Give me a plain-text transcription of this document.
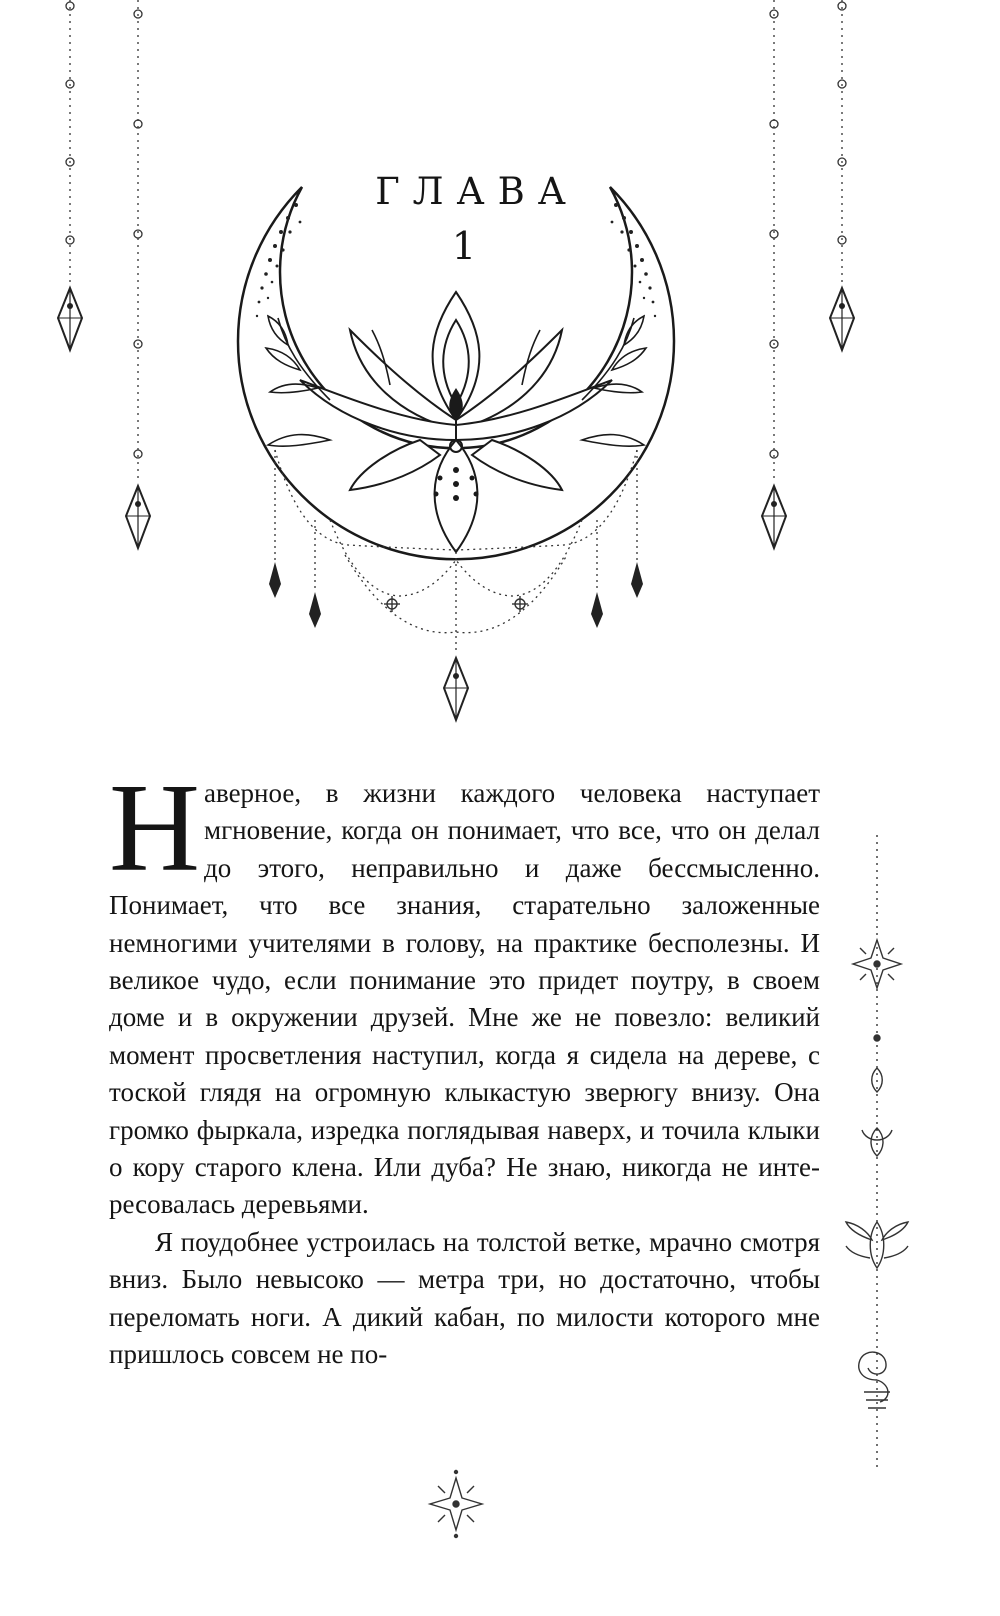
ГЛАВА
1

Наверное, в жизни каждого человека наступает мгновение, когда он понимает, что все, что он делал до этого, неправильно и даже бессмысленно. Понимает, что все знания, старательно заложенные немногими учителями в голову, на практике бесполезны. И великое чудо, если понимание это придет поутру, в своем доме и в окружении друзей. Мне же не повезло: великий момент просветления наступил, когда я сидела на дереве, с тоской глядя на огромную клыкастую зверюгу внизу. Она громко фыркала, изредка поглядывая наверх, и точила клыки о кору старого клена. Или дуба? Не знаю, никогда не интересовалась деревьями.

Я поудобнее устроилась на толстой ветке, мрачно смотря вниз. Было невысоко — метра три, но достаточно, чтобы переломать ноги. А дикий кабан, по милости которого мне пришлось совсем не по-
